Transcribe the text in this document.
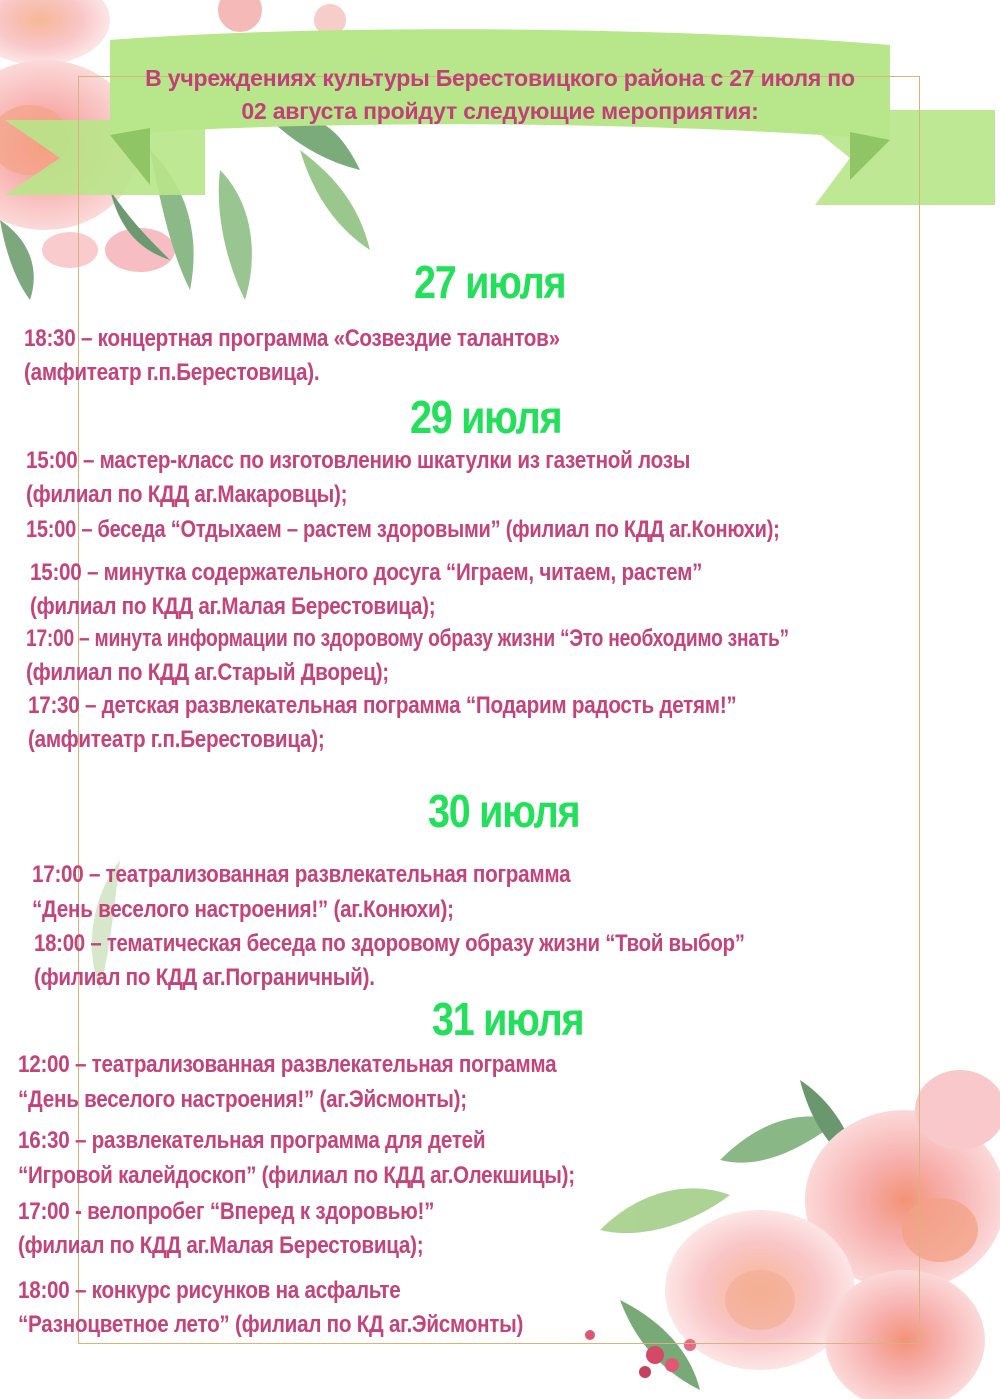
В учреждениях культуры Берестовицкого района с 27 июля по
02 августа пройдут следующие мероприятия:
27 июля
18:30 – концертная программа «Созвездие талантов»
(амфитеатр г.п.Берестовица).
29 июля
15:00 – мастер-класс по изготовлению шкатулки из газетной лозы
(филиал по КДД аг.Макаровцы);
15:00 – беседа “Отдыхаем – растем здоровыми” (филиал по КДД аг.Конюхи);
15:00 – минутка содержательного досуга “Играем, читаем, растем”
(филиал по КДД аг.Малая Берестовица);
17:00 – минута информации по здоровому образу жизни “Это необходимо знать”
(филиал по КДД аг.Старый Дворец);
17:30 – детская развлекательная пограмма “Подарим радость детям!”
(амфитеатр г.п.Берестовица);
30 июля
17:00 – театрализованная развлекательная пограмма
“День веселого настроения!” (аг.Конюхи);
18:00 – тематическая беседа по здоровому образу жизни “Твой выбор”
(филиал по КДД аг.Пограничный).
31 июля
12:00 – театрализованная развлекательная пограмма
“День веселого настроения!” (аг.Эйсмонты);
16:30 – развлекательная программа для детей
“Игровой калейдоскоп” (филиал по КДД аг.Олекшицы);
17:00 - велопробег “Вперед к здоровью!”
(филиал по КДД аг.Малая Берестовица);
18:00 – конкурс рисунков на асфальте
“Разноцветное лето” (филиал по КД аг.Эйсмонты)
